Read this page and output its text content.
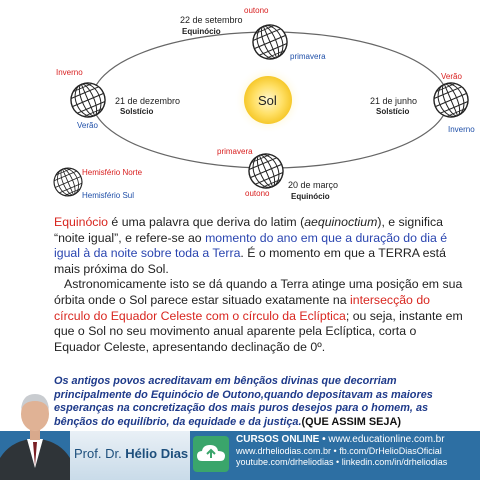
Sol
outono
22 de setembro
Equinócio
primavera
Inverno
Verão
21 de dezembro
Solstício
Verão
Inverno
21 de junho
Solstício
primavera
outono
20 de março
Equinócio
Hemisfério Norte
Hemisfério Sul

Equinócio é uma palavra que deriva do latim (aequinoctium), e significa “noite igual”, e refere-se ao momento do ano em que a duração do dia é igual à da noite sobre toda a Terra. É o momento em que a TERRA está mais próxima do Sol.

Astronomicamente isto se dá quando a Terra atinge uma posição em sua órbita onde o Sol parece estar situado exatamente na intersecção do círculo do Equador Celeste com o círculo da Eclíptica; ou seja, instante em que o Sol no seu movimento anual aparente pela Eclíptica, corta o Equador Celeste, apresentando declinação de 0º.

Os antigos povos acreditavam em bênçãos divinas que decorriam principalmente do Equinócio de Outono,quando depositavam as maiores esperanças na concretização dos mais puros desejos para o homem, as bênçãos do equilíbrio, da equidade e da justiça.(QUE ASSIM SEJA)
Prof. Dr. Hélio Dias
CURSOS ONLINE • www.educationline.com.br
www.drheliodias.com.br • fb.com/DrHelioDiasOficial
youtube.com/drheliodias • linkedin.com/in/drheliodias
